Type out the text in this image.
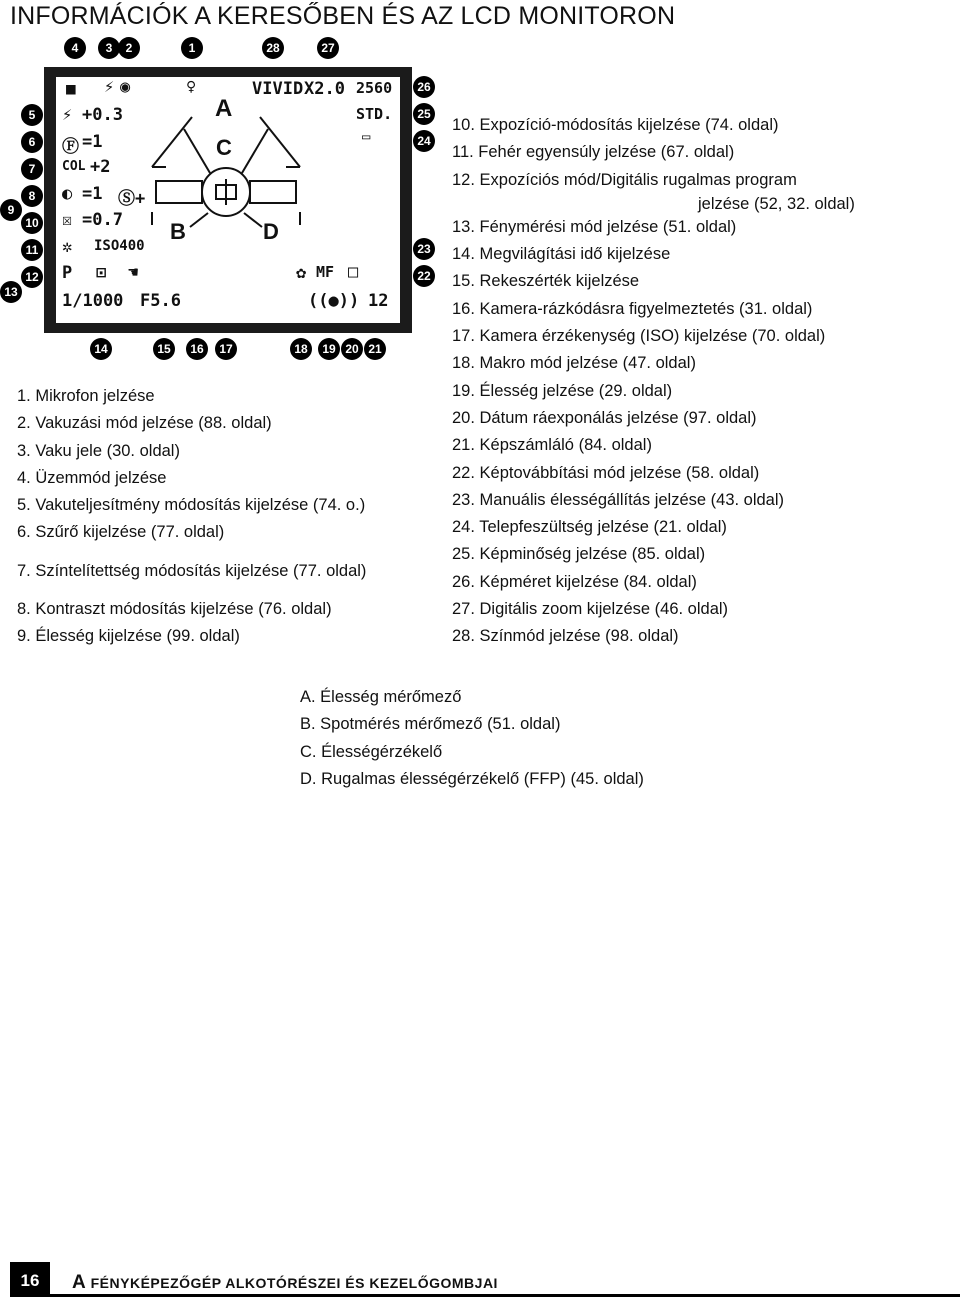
INFORMÁCIÓK A KERESŐBEN ÉS AZ LCD MONITORON
■ ⚡ ◉	♀	VIVID X2.0 2560
STD.
▭
⚡ +0.3
Ⓕ =1
COL +2
◐ =1 Ⓢ+
☒ =0.7
✲ ISO400
P ⊡ ☚
1/1000 F5.6
✿ MF □
((●)) 12
A
C
B	D
4	3	2	1	28	27
5
6
7
8
9
10
11
12
13
26
25
24
23
22
14	15	16	17	18	19 20 21
10. Expozíció-módosítás kijelzése (74. oldal)
11. Fehér egyensúly jelzése (67. oldal)
12. Expozíciós mód/Digitális rugalmas program
jelzése (52, 32. oldal)
13. Fénymérési mód jelzése (51. oldal)
14. Megvilágítási idő kijelzése
15. Rekeszérték kijelzése
16. Kamera-rázkódásra figyelmeztetés (31. oldal)
17. Kamera érzékenység (ISO) kijelzése (70. oldal)
18. Makro mód jelzése (47. oldal)
19. Élesség jelzése (29. oldal)
20. Dátum ráexponálás jelzése (97. oldal)
21. Képszámláló (84. oldal)
22. Képtovábbítási mód jelzése (58. oldal)
23. Manuális élességállítás jelzése (43. oldal)
24. Telepfeszültség jelzése (21. oldal)
25. Képminőség jelzése (85. oldal)
26. Képméret kijelzése (84. oldal)
27. Digitális zoom kijelzése (46. oldal)
28. Színmód jelzése (98. oldal)
1. Mikrofon jelzése
2. Vakuzási mód jelzése (88. oldal)
3. Vaku jele (30. oldal)
4. Üzemmód jelzése
5. Vakuteljesítmény módosítás kijelzése (74. o.)
6. Szűrő kijelzése (77. oldal)
7. Színtelítettség módosítás kijelzése (77. oldal)
8. Kontraszt módosítás kijelzése (76. oldal)
9. Élesség kijelzése (99. oldal)
A. Élesség mérőmező
B. Spotmérés mérőmező (51. oldal)
C. Élességérzékelő
D. Rugalmas élességérzékelő (FFP) (45. oldal)
16	A FÉNYKÉPEZŐGÉP ALKOTÓRÉSZEI ÉS KEZELŐGOMBJAI
